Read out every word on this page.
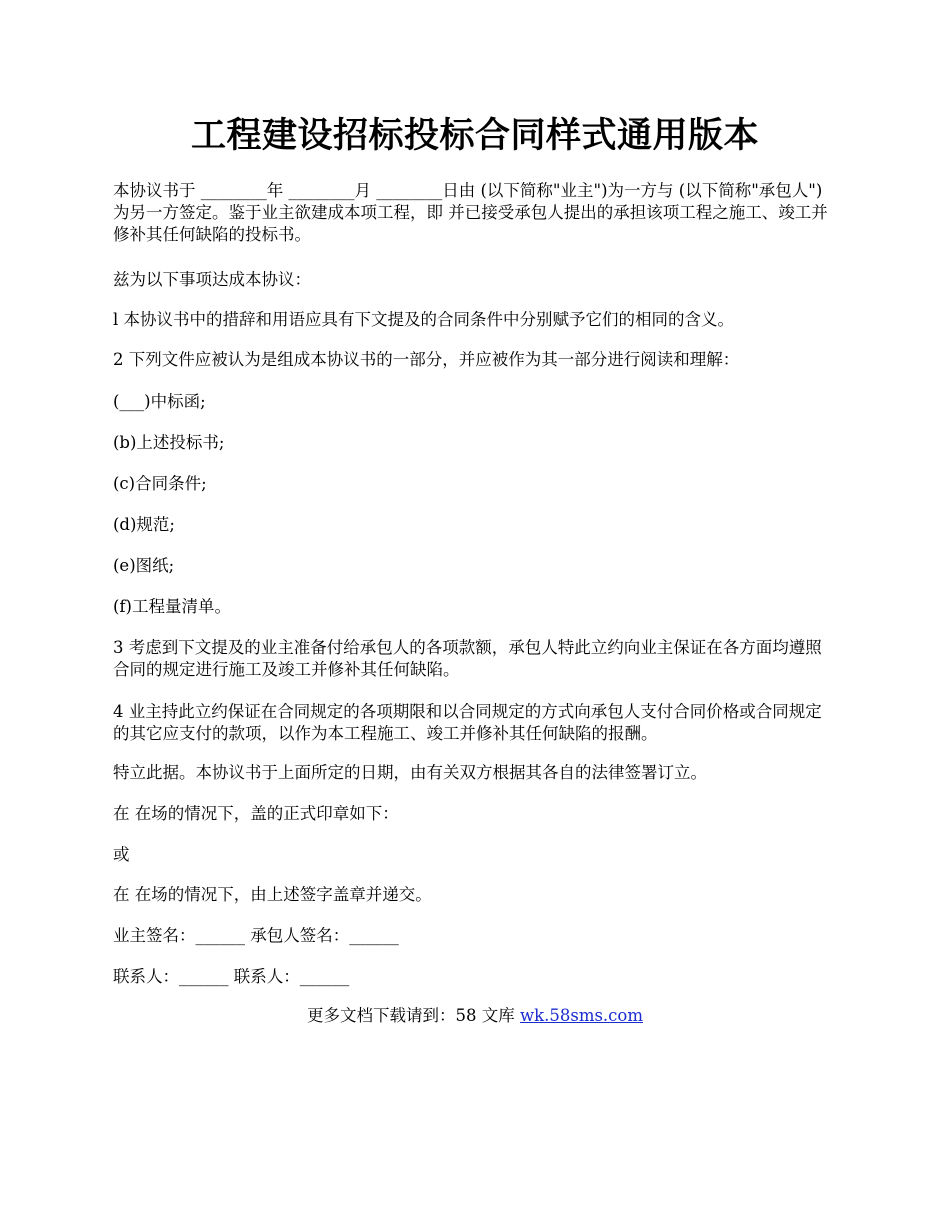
工程建设招标投标合同样式通用版本

本协议书于 ________年 ________月 ________日由 (以下简称"业主")为一方与 (以下简称"承包人")为另一方签定。鉴于业主欲建成本项工程，即 并已接受承包人提出的承担该项工程之施工、竣工并修补其任何缺陷的投标书。

兹为以下事项达成本协议：

l 本协议书中的措辞和用语应具有下文提及的合同条件中分别赋予它们的相同的含义。

2 下列文件应被认为是组成本协议书的一部分，并应被作为其一部分进行阅读和理解：

(___)中标函;

(b)上述投标书;

(c)合同条件;

(d)规范;

(e)图纸;

(f)工程量清单。

3 考虑到下文提及的业主准备付给承包人的各项款额，承包人特此立约向业主保证在各方面均遵照合同的规定进行施工及竣工并修补其任何缺陷。

4 业主持此立约保证在合同规定的各项期限和以合同规定的方式向承包人支付合同价格或合同规定的其它应支付的款项，以作为本工程施工、竣工并修补其任何缺陷的报酬。

特立此据。本协议书于上面所定的日期，由有关双方根据其各自的法律签署订立。

在 在场的情况下，盖的正式印章如下：

或

在 在场的情况下，由上述签字盖章并递交。

业主签名：______ 承包人签名：______

联系人：______ 联系人：______

更多文档下载请到：58 文库 wk.58sms.com
